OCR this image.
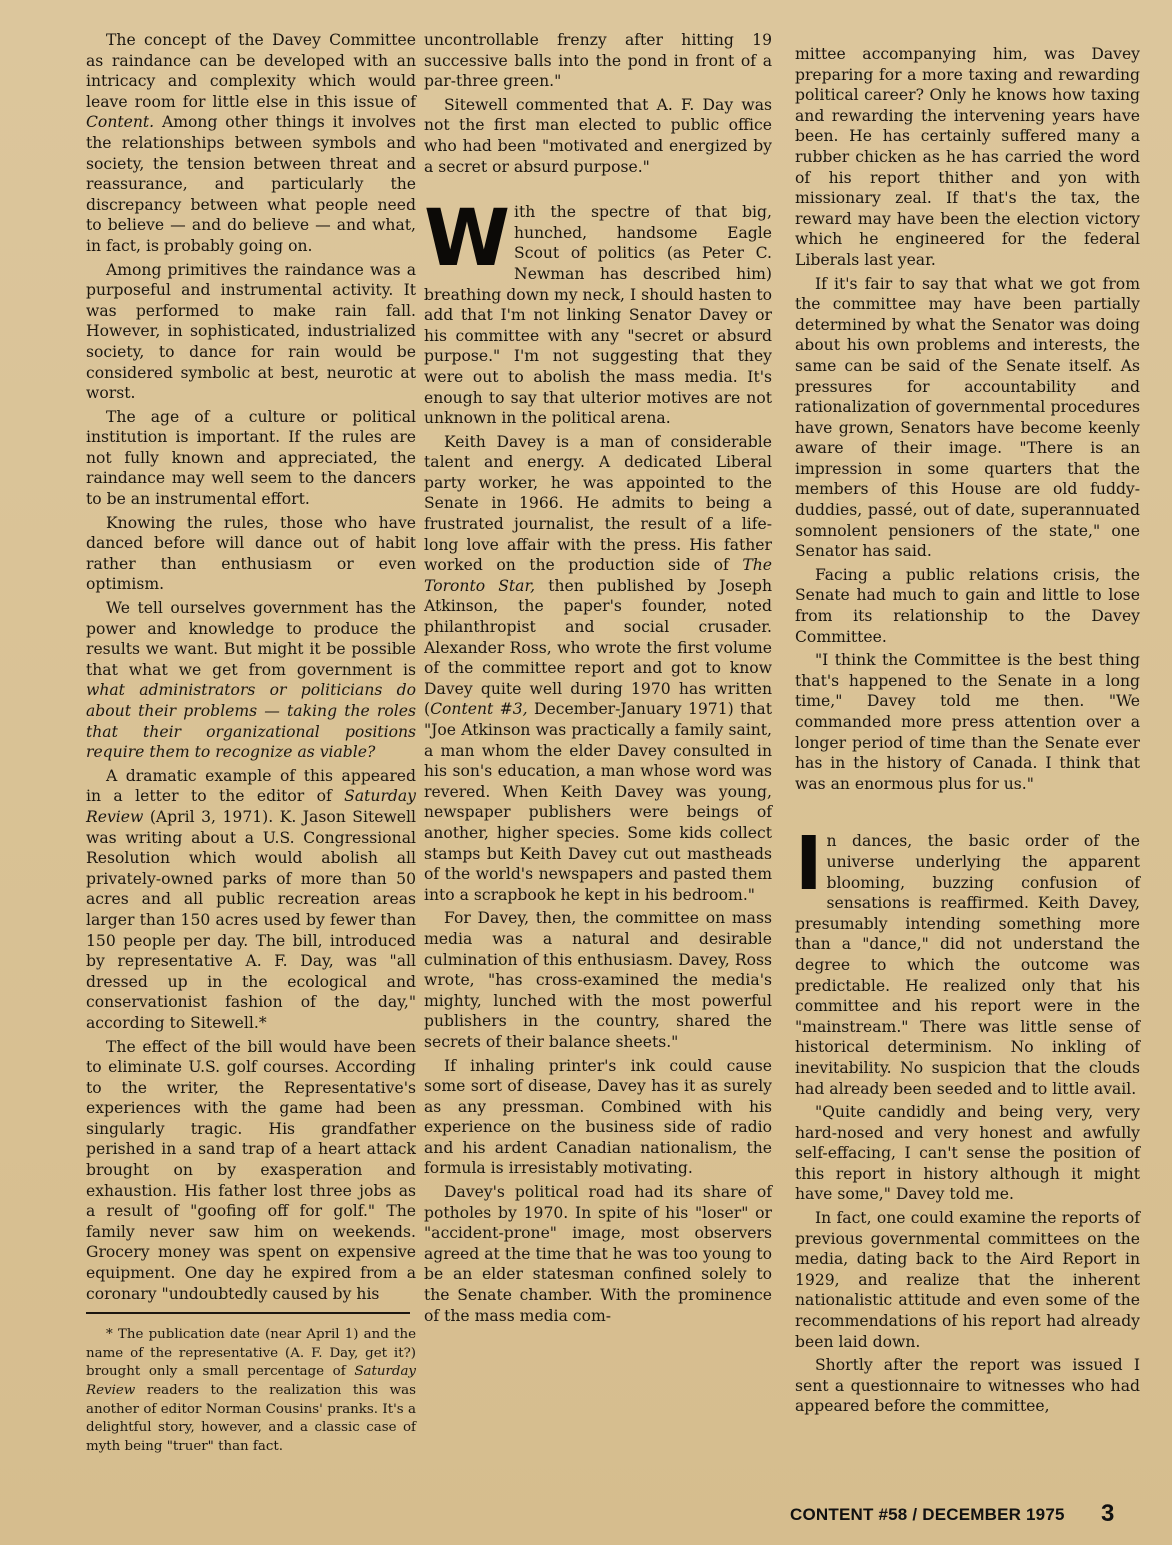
The concept of the Davey Committee as raindance can be developed with an intricacy and complexity which would leave room for little else in this issue of Content. Among other things it involves the relationships between symbols and society, the tension between threat and reassurance, and particularly the discrepancy between what people need to believe — and do believe — and what, in fact, is probably going on.

Among primitives the raindance was a purposeful and instrumental activity. It was performed to make rain fall. However, in sophisticated, industrialized society, to dance for rain would be considered symbolic at best, neurotic at worst.

The age of a culture or political institution is important. If the rules are not fully known and appreciated, the raindance may well seem to the dancers to be an instrumental effort.

Knowing the rules, those who have danced before will dance out of habit rather than enthusiasm or even optimism.

We tell ourselves government has the power and knowledge to produce the results we want. But might it be possible that what we get from government is what administrators or politicians do about their problems — taking the roles that their organizational positions require them to recognize as viable?

A dramatic example of this appeared in a letter to the editor of Saturday Review (April 3, 1971). K. Jason Sitewell was writing about a U.S. Congressional Resolution which would abolish all privately-owned parks of more than 50 acres and all public recreation areas larger than 150 acres used by fewer than 150 people per day. The bill, introduced by representative A. F. Day, was "all dressed up in the ecological and conservationist fashion of the day," according to Sitewell.*

The effect of the bill would have been to eliminate U.S. golf courses. According to the writer, the Representative's experiences with the game had been singularly tragic. His grandfather perished in a sand trap of a heart attack brought on by exasperation and exhaustion. His father lost three jobs as a result of "goofing off for golf." The family never saw him on weekends. Grocery money was spent on expensive equipment. One day he expired from a coronary "undoubtedly caused by his

* The publication date (near April 1) and the name of the representative (A. F. Day, get it?) brought only a small percentage of Saturday Review readers to the realization this was another of editor Norman Cousins' pranks. It's a delightful story, however, and a classic case of myth being "truer" than fact.

uncontrollable frenzy after hitting 19 successive balls into the pond in front of a par-three green."

Sitewell commented that A. F. Day was not the first man elected to public office who had been "motivated and energized by a secret or absurd purpose."

With the spectre of that big, hunched, handsome Eagle Scout of politics (as Peter C. Newman has described him) breathing down my neck, I should hasten to add that I'm not linking Senator Davey or his committee with any "secret or absurd purpose." I'm not suggesting that they were out to abolish the mass media. It's enough to say that ulterior motives are not unknown in the political arena.

Keith Davey is a man of considerable talent and energy. A dedicated Liberal party worker, he was appointed to the Senate in 1966. He admits to being a frustrated journalist, the result of a life-long love affair with the press. His father worked on the production side of The Toronto Star, then published by Joseph Atkinson, the paper's founder, noted philanthropist and social crusader. Alexander Ross, who wrote the first volume of the committee report and got to know Davey quite well during 1970 has written (Content #3, December-January 1971) that "Joe Atkinson was practically a family saint, a man whom the elder Davey consulted in his son's education, a man whose word was revered. When Keith Davey was young, newspaper publishers were beings of another, higher species. Some kids collect stamps but Keith Davey cut out mastheads of the world's newspapers and pasted them into a scrapbook he kept in his bedroom."

For Davey, then, the committee on mass media was a natural and desirable culmination of this enthusiasm. Davey, Ross wrote, "has cross-examined the media's mighty, lunched with the most powerful publishers in the country, shared the secrets of their balance sheets."

If inhaling printer's ink could cause some sort of disease, Davey has it as surely as any pressman. Combined with his experience on the business side of radio and his ardent Canadian nationalism, the formula is irresistably motivating.

Davey's political road had its share of potholes by 1970. In spite of his "loser" or "accident-prone" image, most observers agreed at the time that he was too young to be an elder statesman confined solely to the Senate chamber. With the prominence of the mass media com-

mittee accompanying him, was Davey preparing for a more taxing and rewarding political career? Only he knows how taxing and rewarding the intervening years have been. He has certainly suffered many a rubber chicken as he has carried the word of his report thither and yon with missionary zeal. If that's the tax, the reward may have been the election victory which he engineered for the federal Liberals last year.

If it's fair to say that what we got from the committee may have been partially determined by what the Senator was doing about his own problems and interests, the same can be said of the Senate itself. As pressures for accountability and rationalization of governmental procedures have grown, Senators have become keenly aware of their image. "There is an impression in some quarters that the members of this House are old fuddy-duddies, passé, out of date, superannuated somnolent pensioners of the state," one Senator has said.

Facing a public relations crisis, the Senate had much to gain and little to lose from its relationship to the Davey Committee.

"I think the Committee is the best thing that's happened to the Senate in a long time," Davey told me then. "We commanded more press attention over a longer period of time than the Senate ever has in the history of Canada. I think that was an enormous plus for us."

In dances, the basic order of the universe underlying the apparent blooming, buzzing confusion of sensations is reaffirmed. Keith Davey, presumably intending something more than a "dance," did not understand the degree to which the outcome was predictable. He realized only that his committee and his report were in the "mainstream." There was little sense of historical determinism. No inkling of inevitability. No suspicion that the clouds had already been seeded and to little avail.

"Quite candidly and being very, very hard-nosed and very honest and awfully self-effacing, I can't sense the position of this report in history although it might have some," Davey told me.

In fact, one could examine the reports of previous governmental committees on the media, dating back to the Aird Report in 1929, and realize that the inherent nationalistic attitude and even some of the recommendations of his report had already been laid down.

Shortly after the report was issued I sent a questionnaire to witnesses who had appeared before the committee,

CONTENT #58 / DECEMBER 1975 3
